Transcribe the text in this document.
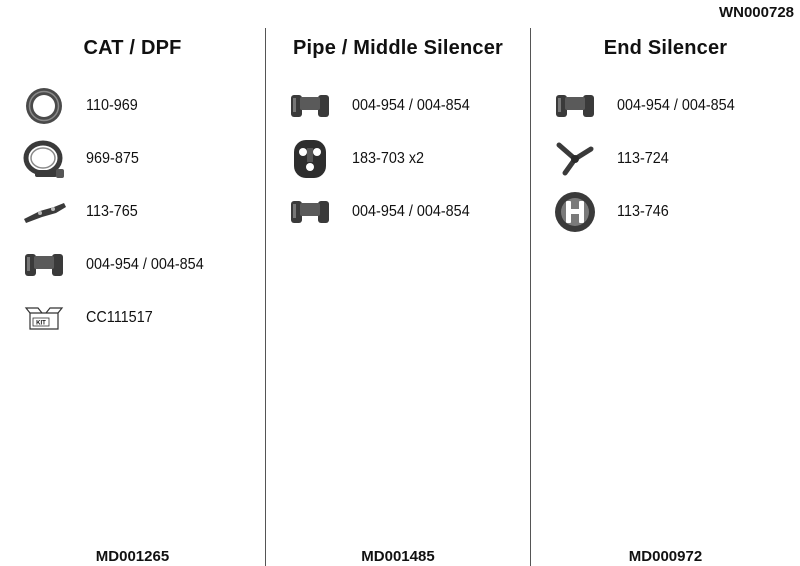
WN000728
CAT / DPF
110-969
969-875
113-765
004-954 / 004-854
KIT	CC111517
MD001265
Pipe / Middle Silencer
004-954 / 004-854
183-703 x2
004-954 / 004-854
MD001485
End Silencer
004-954 / 004-854
113-724
113-746
MD000972
